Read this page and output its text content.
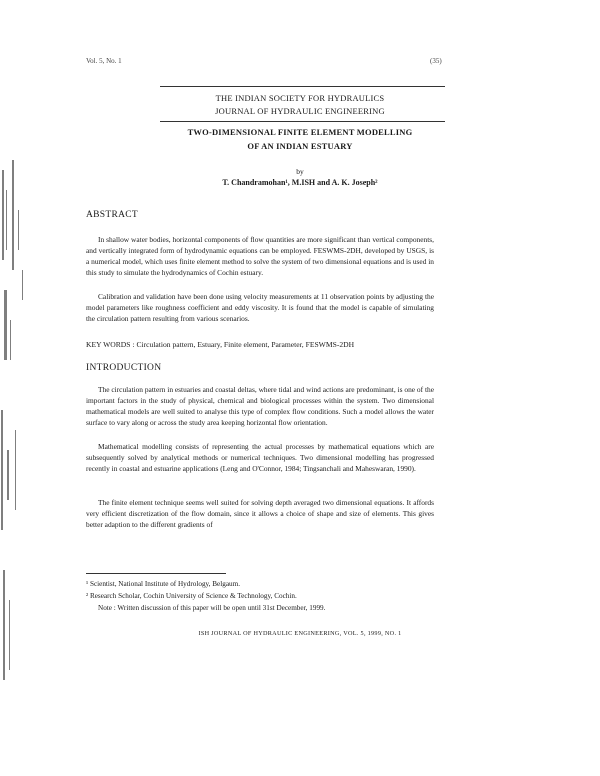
Vol. 5, No. 1	(35)
THE INDIAN SOCIETY FOR HYDRAULICS
JOURNAL OF HYDRAULIC ENGINEERING
TWO-DIMENSIONAL FINITE ELEMENT MODELLING
OF AN INDIAN ESTUARY
by
T. Chandramohan¹, M.ISH and A. K. Joseph²
ABSTRACT

In shallow water bodies, horizontal components of flow quantities are more significant than vertical components, and vertically integrated form of hydrodynamic equations can be employed. FESWMS-2DH, developed by USGS, is a numerical model, which uses finite element method to solve the system of two dimensional equations and is used in this study to simulate the hydrodynamics of Cochin estuary.

Calibration and validation have been done using velocity measurements at 11 observation points by adjusting the model parameters like roughness coefficient and eddy viscosity. It is found that the model is capable of simulating the circulation pattern resulting from various scenarios.

KEY WORDS : Circulation pattern, Estuary, Finite element, Parameter, FESWMS-2DH
INTRODUCTION

The circulation pattern in estuaries and coastal deltas, where tidal and wind actions are predominant, is one of the important factors in the study of physical, chemical and biological processes within the system. Two dimensional mathematical models are well suited to analyse this type of complex flow conditions. Such a model allows the water surface to vary along or across the study area keeping horizontal flow orientation.

Mathematical modelling consists of representing the actual processes by mathematical equations which are subsequently solved by analytical methods or numerical techniques. Two dimensional modelling has progressed recently in coastal and estuarine applications (Leng and O'Connor, 1984; Tingsanchali and Maheswaran, 1990).

The finite element technique seems well suited for solving depth averaged two dimensional equations. It affords very efficient discretization of the flow domain, since it allows a choice of shape and size of elements. This gives better adaption to the different gradients of

¹ Scientist, National Institute of Hydrology, Belgaum.
² Research Scholar, Cochin University of Science & Technology, Cochin.
Note : Written discussion of this paper will be open until 31st December, 1999.
ISH JOURNAL OF HYDRAULIC ENGINEERING, VOL. 5, 1999, NO. 1
